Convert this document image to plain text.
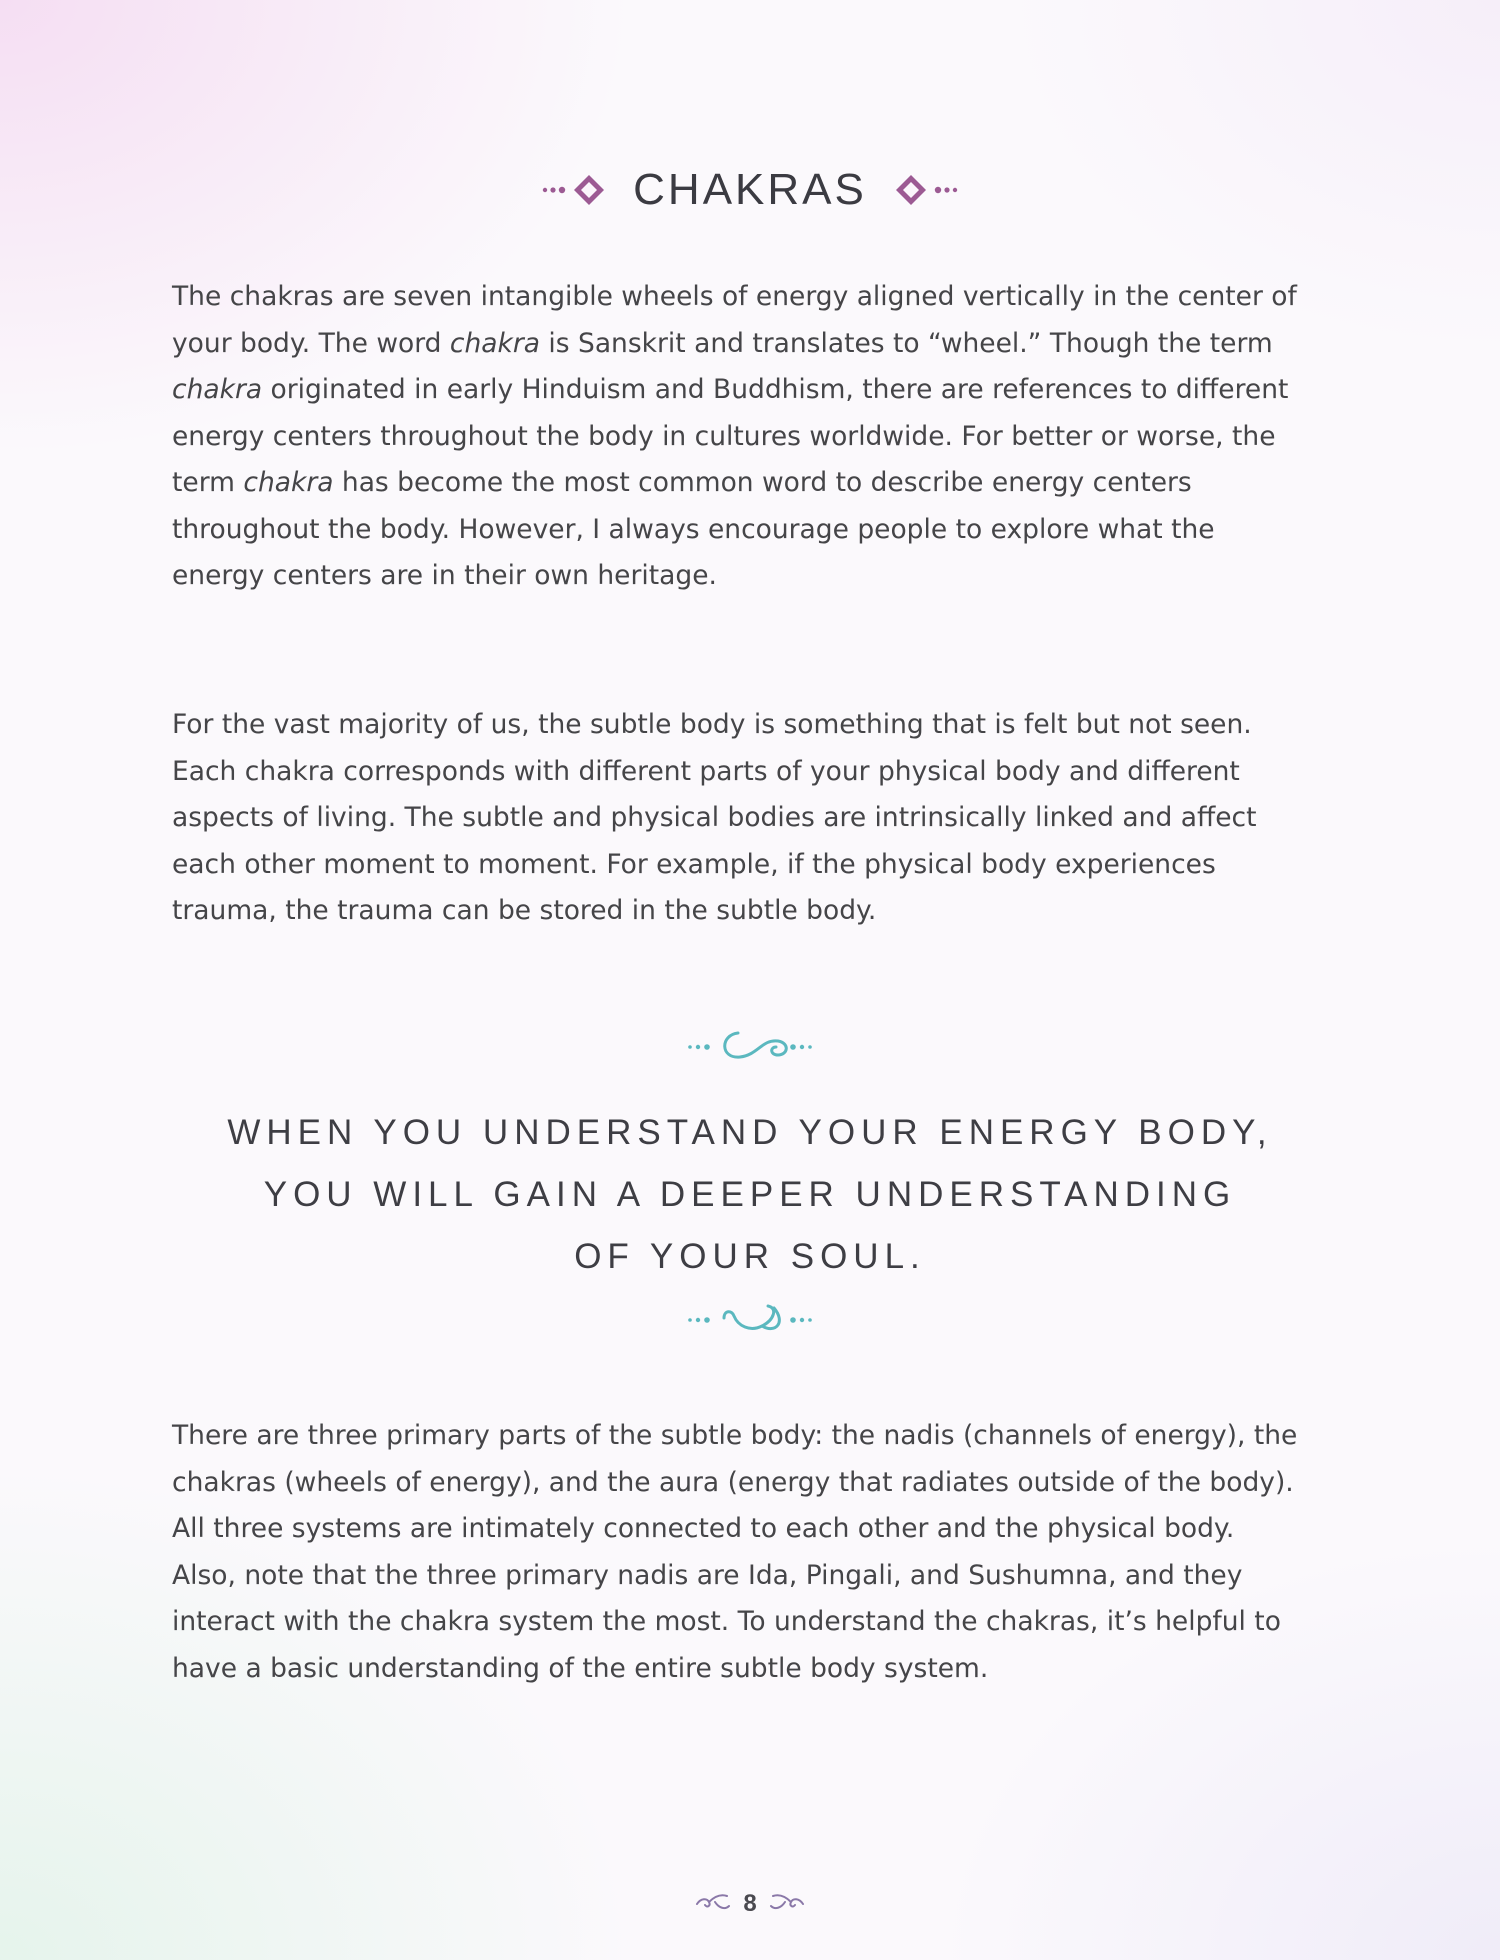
CHAKRAS

The chakras are seven intangible wheels of energy aligned vertically in the center of your body. The word chakra is Sanskrit and translates to “wheel.” Though the term chakra originated in early Hinduism and Buddhism, there are references to different energy centers throughout the body in cultures worldwide. For better or worse, the term chakra has become the most common word to describe energy centers throughout the body. However, I always encourage people to explore what the energy centers are in their own heritage.

For the vast majority of us, the subtle body is something that is felt but not seen. Each chakra corresponds with different parts of your physical body and different aspects of living. The subtle and physical bodies are intrinsically linked and affect each other moment to moment. For example, if the physical body experiences trauma, the trauma can be stored in the subtle body.

WHEN YOU UNDERSTAND YOUR ENERGY BODY,
YOU WILL GAIN A DEEPER UNDERSTANDING
OF YOUR SOUL.

There are three primary parts of the subtle body: the nadis (channels of energy), the chakras (wheels of energy), and the aura (energy that radiates outside of the body). All three systems are intimately connected to each other and the physical body. Also, note that the three primary nadis are Ida, Pingali, and Sushumna, and they interact with the chakra system the most. To understand the chakras, it’s helpful to have a basic understanding of the entire subtle body system.

8
